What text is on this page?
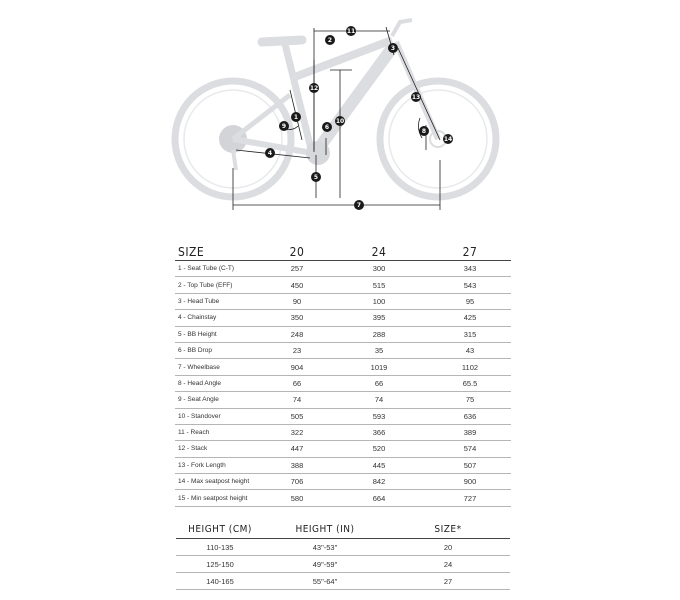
1
2
3
4
5
6
7
8
9
10
11
12
13
14
SIZE	20	24	27
1 - Seat Tube (C-T)	257	300	343
2 - Top Tube (EFF)	450	515	543
3 - Head Tube	90	100	95
4 - Chainstay	350	395	425
5 - BB Height	248	288	315
6 - BB Drop	23	35	43
7 - Wheelbase	904	1019	1102
8 - Head Angle	66	66	65.5
9 - Seat Angle	74	74	75
10 - Standover	505	593	636
11 - Reach	322	366	389
12 - Stack	447	520	574
13 - Fork Length	388	445	507
14 - Max seatpost height	706	842	900
15 - Min seatpost height	580	664	727
HEIGHT (CM)	HEIGHT (IN)	SIZE*
110-135	43"-53"	20
125-150	49"-59"	24
140-165	55"-64"	27
